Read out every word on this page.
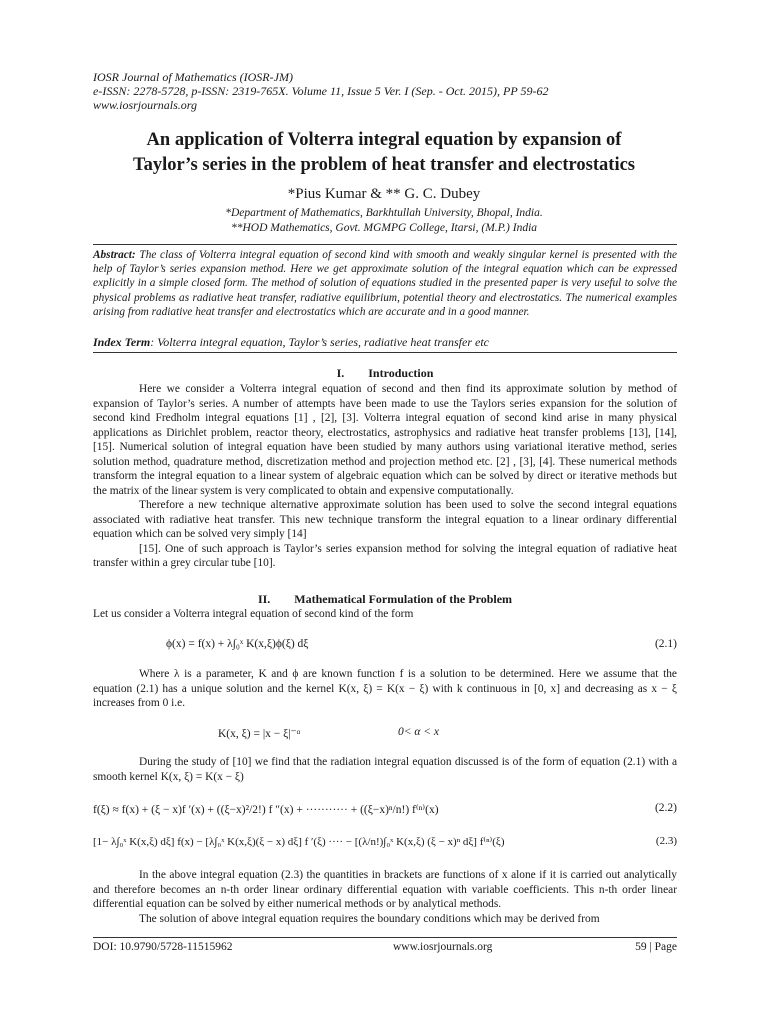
IOSR Journal of Mathematics (IOSR-JM)
e-ISSN: 2278-5728, p-ISSN: 2319-765X. Volume 11, Issue 5 Ver. I (Sep. - Oct. 2015), PP 59-62
www.iosrjournals.org
An application of Volterra integral equation by expansion of
Taylor’s series in the problem of heat transfer and electrostatics
*Pius Kumar & ** G. C. Dubey
*Department of Mathematics, Barkhtullah University, Bhopal, India.
**HOD Mathematics, Govt. MGMPG College, Itarsi, (M.P.) India
Abstract: The class of Volterra integral equation of second kind with smooth and weakly singular kernel is presented with the help of Taylor’s series expansion method. Here we get approximate solution of the integral equation which can be expressed explicitly in a simple closed form. The method of solution of equations studied in the presented paper is very useful to solve the physical problems as radiative heat transfer, radiative equilibrium, potential theory and electrostatics. The numerical examples arising from radiative heat transfer and electrostatics which are accurate and in a good manner.
Index Term: Volterra integral equation, Taylor’s series, radiative heat transfer etc
I. Introduction

Here we consider a Volterra integral equation of second and then find its approximate solution by method of expansion of Taylor’s series. A number of attempts have been made to use the Taylors series expansion for the solution of second kind Fredholm integral equations [1] , [2], [3]. Volterra integral equation of second kind arise in many physical applications as Dirichlet problem, reactor theory, electrostatics, astrophysics and radiative heat transfer problems [13], [14], [15]. Numerical solution of integral equation have been studied by many authors using variational iterative method, series solution method, quadrature method, discretization method and projection method etc. [2] , [3], [4]. These numerical methods transform the integral equation to a linear system of algebraic equation which can be solved by direct or iterative methods but the matrix of the linear system is very complicated to obtain and expensive computationally.

Therefore a new technique alternative approximate solution has been used to solve the second integral equations associated with radiative heat transfer. This new technique transform the integral equation to a linear ordinary differential equation which can be solved very simply [14]

[15]. One of such approach is Taylor’s series expansion method for solving the integral equation of radiative heat transfer within a grey circular tube [10].

II. Mathematical Formulation of the Problem

Let us consider a Volterra integral equation of second kind of the form

ϕ(x) = f(x) + λ∫₀ˣ K(x,ξ)ϕ(ξ) dξ	(2.1)

Where λ is a parameter, K and ϕ are known function f is a solution to be determined. Here we assume that the equation (2.1) has a unique solution and the kernel K(x, ξ) = K(x − ξ) with k continuous in [0, x] and decreasing as x − ξ increases from 0 i.e.

K(x, ξ) = |x − ξ|⁻ᵅ	0< α < x

During the study of [10] we find that the radiation integral equation discussed is of the form of equation (2.1) with a smooth kernel K(x, ξ) = K(x − ξ)

f(ξ) ≈ f(x) + (ξ − x)f ′(x) + ((ξ−x)²/2!) f ″(x) + ··········· + ((ξ−x)ⁿ/n!) f⁽ⁿ⁾(x)	(2.2)
[1− λ∫₀ˣ K(x,ξ) dξ] f(x) − [λ∫₀ˣ K(x,ξ)(ξ − x) dξ] f ′(ξ) ···· − [(λ/n!)∫₀ˣ K(x,ξ) (ξ − x)ⁿ dξ] f⁽ⁿ⁾(ξ)	(2.3)

In the above integral equation (2.3) the quantities in brackets are functions of x alone if it is carried out analytically and therefore becomes an n-th order linear ordinary differential equation with variable coefficients. This n-th order linear differential equation can be solved by either numerical methods or by analytical methods.

The solution of above integral equation requires the boundary conditions which may be derived from

DOI: 10.9790/5728-11515962	www.iosrjournals.org	59 | Page
